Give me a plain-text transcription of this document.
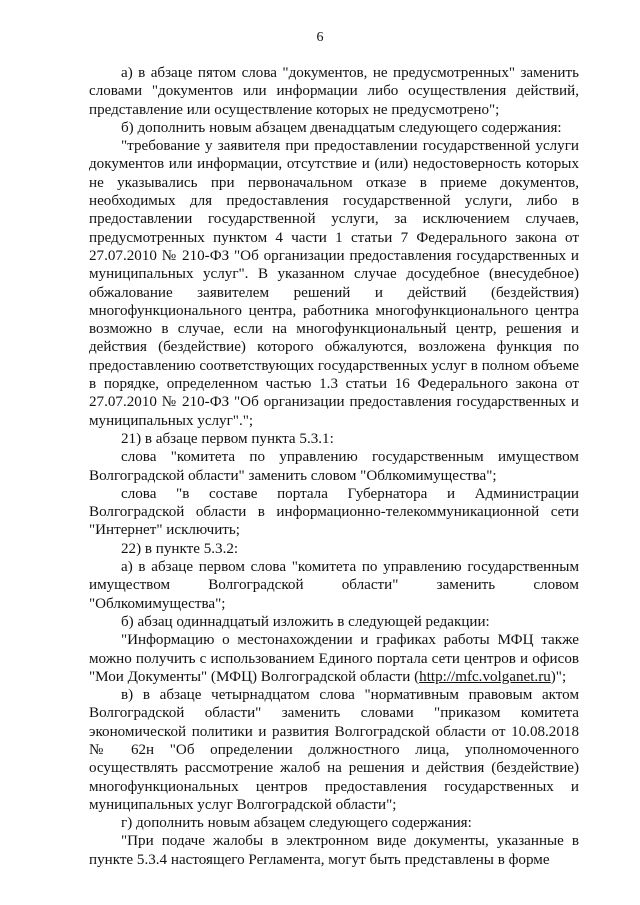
6

а) в абзаце пятом слова "документов, не предусмотренных" заменить словами "документов или информации либо осуществления действий, представление или осуществление которых не предусмотрено";

б) дополнить новым абзацем двенадцатым следующего содержания:

"требование у заявителя при предоставлении государственной услуги документов или информации, отсутствие и (или) недостоверность которых не указывались при первоначальном отказе в приеме документов, необходимых для предоставления государственной услуги, либо в предоставлении государственной услуги, за исключением случаев, предусмотренных пунктом 4 части 1 статьи 7 Федерального закона от 27.07.2010 № 210-ФЗ "Об организации предоставления государственных и муниципальных услуг". В указанном случае досудебное (внесудебное) обжалование заявителем решений и действий (бездействия) многофункционального центра, работника многофункционального центра возможно в случае, если на многофункциональный центр, решения и действия (бездействие) которого обжалуются, возложена функция по предоставлению соответствующих государственных услуг в полном объеме в порядке, определенном частью 1.3 статьи 16 Федерального закона от 27.07.2010 № 210-ФЗ "Об организации предоставления государственных и муниципальных услуг".";

21) в абзаце первом пункта 5.3.1:

слова "комитета по управлению государственным имуществом Волгоградской области" заменить словом "Облкомимущества";

слова "в составе портала Губернатора и Администрации Волгоградской области в информационно-телекоммуникационной сети "Интернет" исключить;

22) в пункте 5.3.2:

а) в абзаце первом слова "комитета по управлению государственным имуществом Волгоградской области" заменить словом "Облкомимущества";

б) абзац одиннадцатый изложить в следующей редакции:

"Информацию о местонахождении и графиках работы МФЦ также можно получить с использованием Единого портала сети центров и офисов "Мои Документы" (МФЦ) Волгоградской области (http://mfc.volganet.ru)";

в) в абзаце четырнадцатом слова "нормативным правовым актом Волгоградской области" заменить словами "приказом комитета экономической политики и развития Волгоградской области от 10.08.2018 № 62н "Об определении должностного лица, уполномоченного осуществлять рассмотрение жалоб на решения и действия (бездействие) многофункциональных центров предоставления государственных и муниципальных услуг Волгоградской области";

г) дополнить новым абзацем следующего содержания:

"При подаче жалобы в электронном виде документы, указанные в пункте 5.3.4 настоящего Регламента, могут быть представлены в форме
